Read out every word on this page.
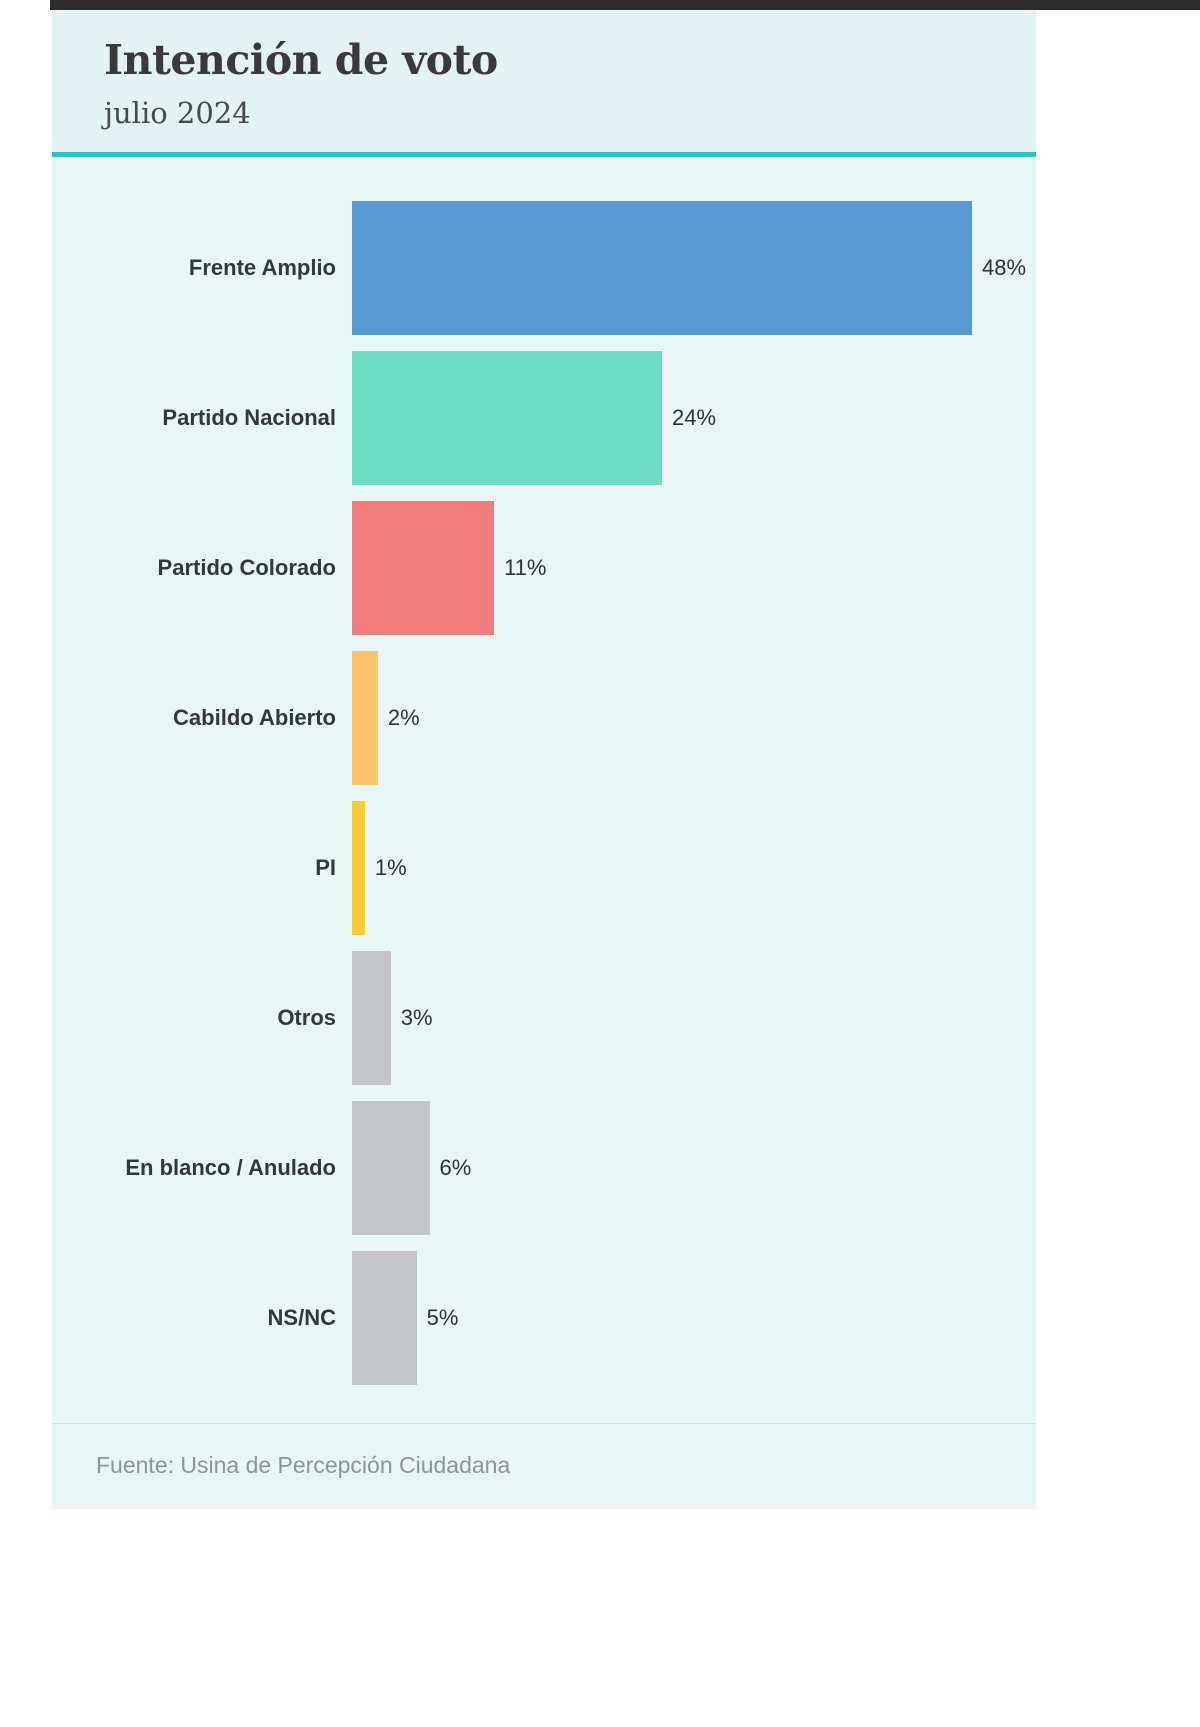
Intención de voto

julio 2024

Frente Amplio	48%
Partido Nacional	24%
Partido Colorado	11%
Cabildo Abierto	2%
PI	1%
Otros	3%
En blanco / Anulado	6%
NS/NC	5%
Fuente: Usina de Percepción Ciudadana
